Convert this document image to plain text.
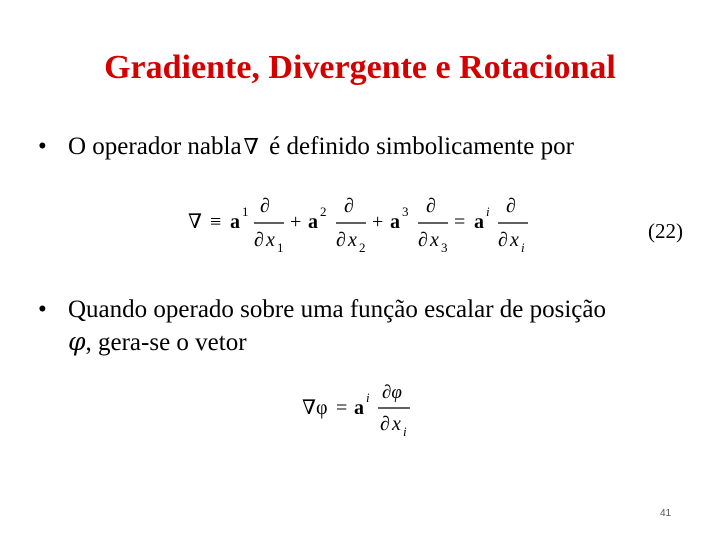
Gradiente, Divergente e Rotacional
• O operador nabla∇ é definido simbolicamente por
∇ ≡ a 1 ∂
∂ x 1
+ a 2 ∂
∂ x 2
+ a 3 ∂
∂ x 3
= a i ∂
∂ x i
(22)
• Quando operado sobre uma função escalar de posição
φ, gera-se o vetor
∇φ = a i ∂φ
∂ x i
41
